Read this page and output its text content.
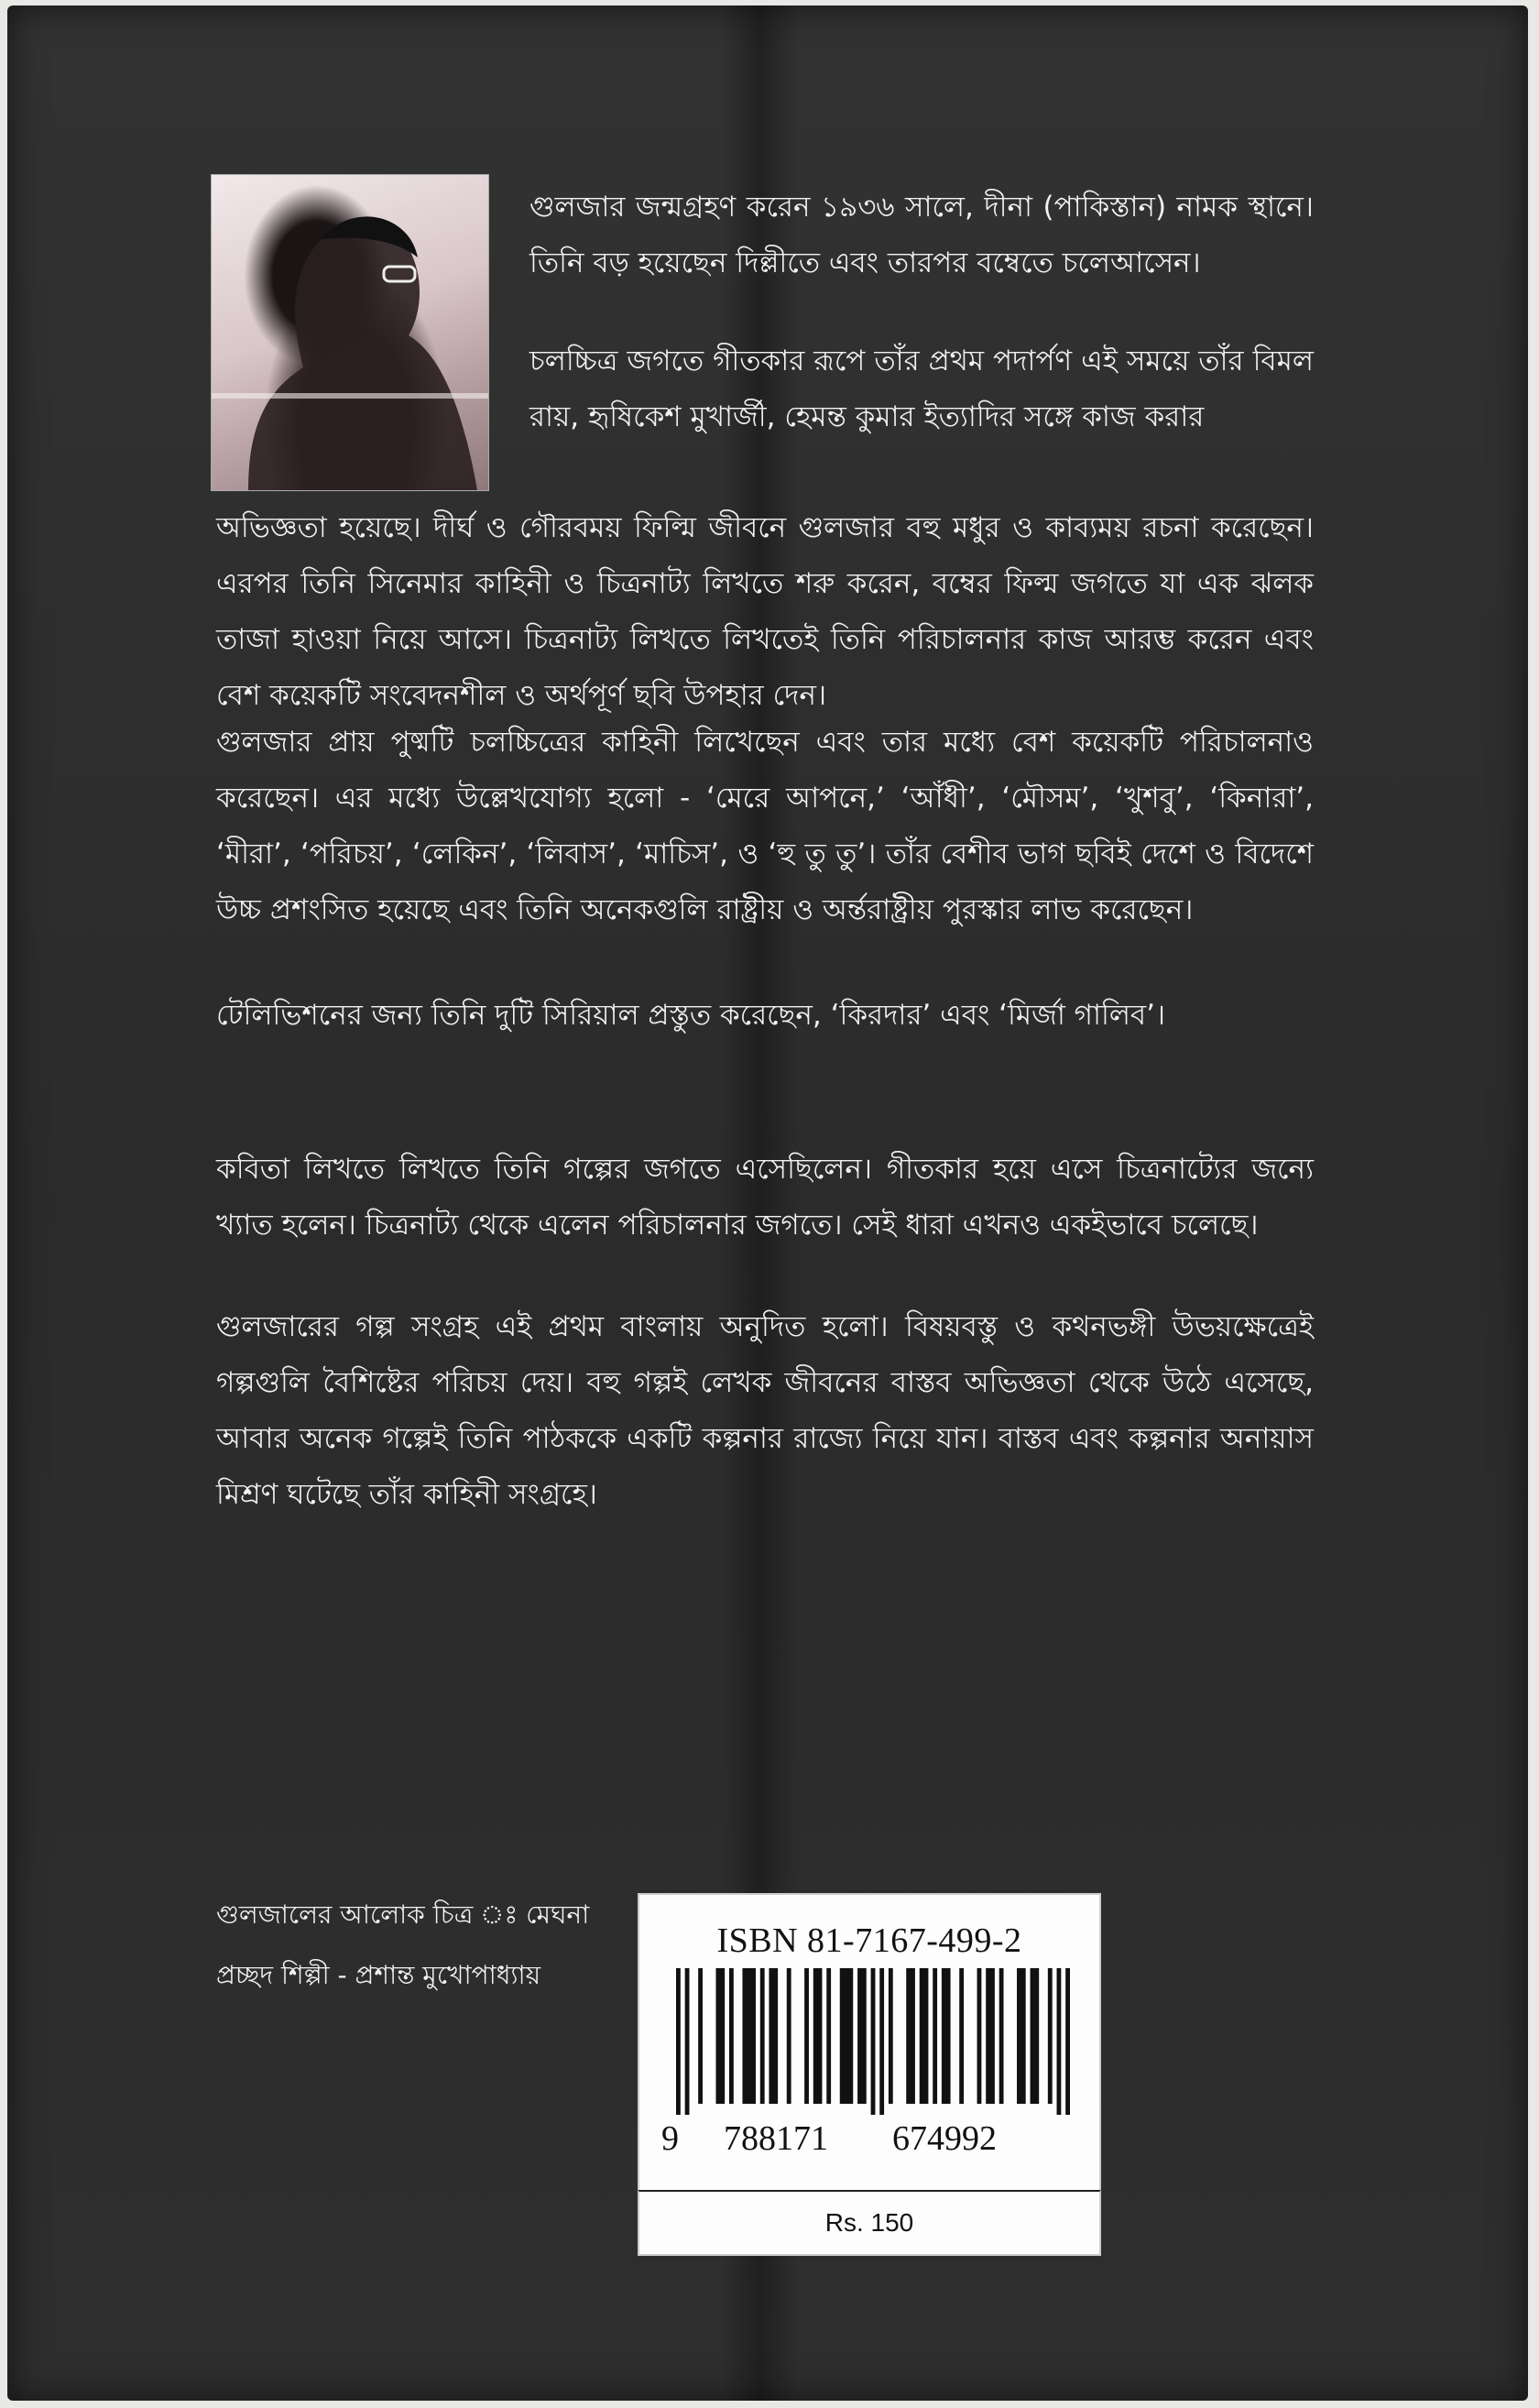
গুলজার জন্মগ্রহণ করেন ১৯৩৬ সালে, দীনা (পাকিস্তান) নামক স্থানে। তিনি বড় হয়েছেন দিল্লীতে এবং তারপর বম্বেতে চলেআসেন।

চলচ্চিত্র জগতে গীতকার রূপে তাঁর প্রথম পদার্পণ এই সময়ে তাঁর বিমল রায়, হৃষিকেশ মুখার্জী, হেমন্ত কুমার ইত্যাদির সঙ্গে কাজ করার

অভিজ্ঞতা হয়েছে। দীর্ঘ ও গৌরবময় ফিল্মি জীবনে গুলজার বহু মধুর ও কাব্যময় রচনা করেছেন। এরপর তিনি সিনেমার কাহিনী ও চিত্রনাট্য লিখতে শরু করেন, বম্বের ফিল্ম জগতে যা এক ঝলক তাজা হাওয়া নিয়ে আসে। চিত্রনাট্য লিখতে লিখতেই তিনি পরিচালনার কাজ আরম্ভ করেন এবং বেশ কয়েকটি সংবেদনশীল ও অর্থপূর্ণ ছবি উপহার দেন।

গুলজার প্রায় পুষ্মটি চলচ্চিত্রের কাহিনী লিখেছেন এবং তার মধ্যে বেশ কয়েকটি পরিচালনাও করেছেন। এর মধ্যে উল্লেখযোগ্য হলো - ‘মেরে আপনে,’ ‘আঁধী’, ‘মৌসম’, ‘খুশবু’, ‘কিনারা’, ‘মীরা’, ‘পরিচয়’, ‘লেকিন’, ‘লিবাস’, ‘মাচিস’, ও ‘হু তু তু’। তাঁর বেশীব ভাগ ছবিই দেশে ও বিদেশে উচ্চ প্রশংসিত হয়েছে এবং তিনি অনেকগুলি রাষ্ট্রীয় ও অর্ন্তরাষ্ট্রীয় পুরস্কার লাভ করেছেন।

টেলিভিশনের জন্য তিনি দুটি সিরিয়াল প্রস্তুত করেছেন, ‘কিরদার’ এবং ‘মির্জা গালিব’।

কবিতা লিখতে লিখতে তিনি গল্পের জগতে এসেছিলেন। গীতকার হয়ে এসে চিত্রনাট্যের জন্যে খ্যাত হলেন। চিত্রনাট্য থেকে এলেন পরিচালনার জগতে। সেই ধারা এখনও একইভাবে চলেছে।

গুলজারের গল্প সংগ্রহ এই প্রথম বাংলায় অনুদিত হলো। বিষয়বস্তু ও কথনভঙ্গী উভয়ক্ষেত্রেই গল্পগুলি বৈশিষ্টের পরিচয় দেয়। বহু গল্পই লেখক জীবনের বাস্তব অভিজ্ঞতা থেকে উঠে এসেছে, আবার অনেক গল্পেই তিনি পাঠককে একটি কল্পনার রাজ্যে নিয়ে যান। বাস্তব এবং কল্পনার অনায়াস মিশ্রণ ঘটেছে তাঁর কাহিনী সংগ্রহে।

গুলজালের আলোক চিত্র ঃ মেঘনা

প্রচ্ছদ শিল্পী - প্রশান্ত মুখোপাধ্যায়

ISBN 81-7167-499-2
9 788171 674992
Rs. 150
